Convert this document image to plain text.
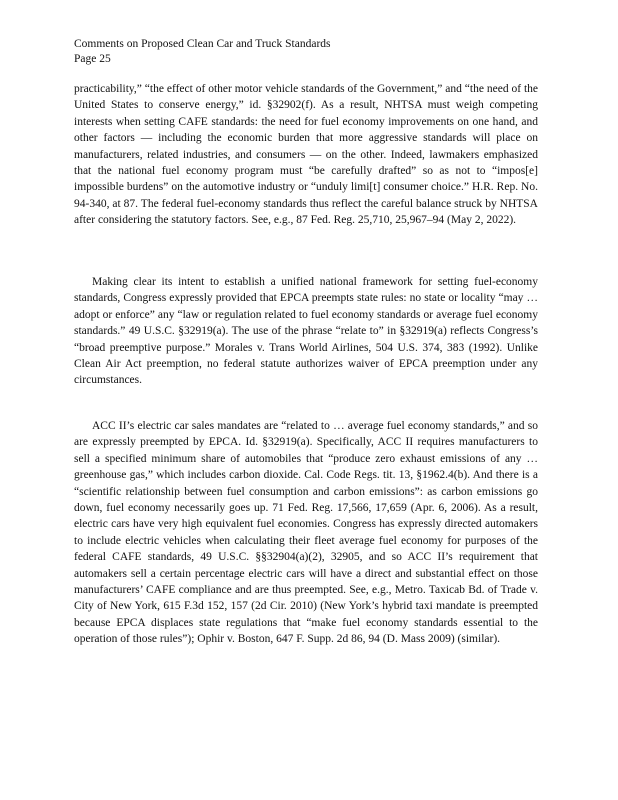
Comments on Proposed Clean Car and Truck Standards
Page 25

practicability,” “the effect of other motor vehicle standards of the Government,” and “the need of the United States to conserve energy,” id. §32902(f). As a result, NHTSA must weigh competing interests when setting CAFE standards: the need for fuel economy improvements on one hand, and other factors — including the economic burden that more aggressive standards will place on manufacturers, related industries, and consumers — on the other. Indeed, lawmakers emphasized that the national fuel economy program must “be carefully drafted” so as not to “impos[e] impossible burdens” on the automotive industry or “unduly limi[t] consumer choice.” H.R. Rep. No. 94-340, at 87. The federal fuel-economy standards thus reflect the careful balance struck by NHTSA after considering the statutory factors. See, e.g., 87 Fed. Reg. 25,710, 25,967–94 (May 2, 2022).

Making clear its intent to establish a unified national framework for setting fuel-economy standards, Congress expressly provided that EPCA preempts state rules: no state or locality “may … adopt or enforce” any “law or regulation related to fuel economy standards or average fuel economy standards.” 49 U.S.C. §32919(a). The use of the phrase “relate to” in §32919(a) reflects Congress’s “broad preemptive purpose.” Morales v. Trans World Airlines, 504 U.S. 374, 383 (1992). Unlike Clean Air Act preemption, no federal statute authorizes waiver of EPCA preemption under any circumstances.

ACC II’s electric car sales mandates are “related to … average fuel economy standards,” and so are expressly preempted by EPCA. Id. §32919(a). Specifically, ACC II requires manufacturers to sell a specified minimum share of automobiles that “produce zero exhaust emissions of any … greenhouse gas,” which includes carbon dioxide. Cal. Code Regs. tit. 13, §1962.4(b). And there is a “scientific relationship between fuel consumption and carbon emissions”: as carbon emissions go down, fuel economy necessarily goes up. 71 Fed. Reg. 17,566, 17,659 (Apr. 6, 2006). As a result, electric cars have very high equivalent fuel economies. Congress has expressly directed automakers to include electric vehicles when calculating their fleet average fuel economy for purposes of the federal CAFE standards, 49 U.S.C. §§32904(a)(2), 32905, and so ACC II’s requirement that automakers sell a certain percentage electric cars will have a direct and substantial effect on those manufacturers’ CAFE compliance and are thus preempted. See, e.g., Metro. Taxicab Bd. of Trade v. City of New York, 615 F.3d 152, 157 (2d Cir. 2010) (New York’s hybrid taxi mandate is preempted because EPCA displaces state regulations that “make fuel economy standards essential to the operation of those rules”); Ophir v. Boston, 647 F. Supp. 2d 86, 94 (D. Mass 2009) (similar).
